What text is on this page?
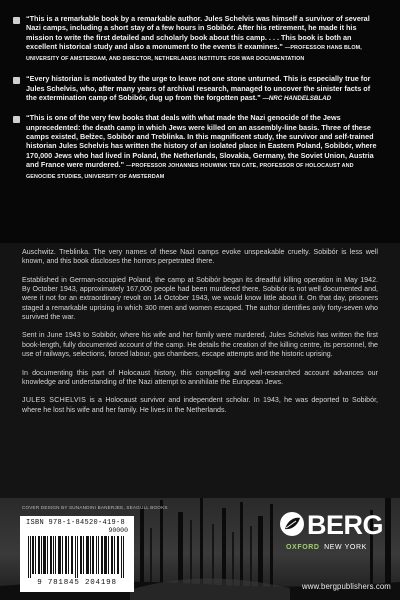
“This is a remarkable book by a remarkable author. Jules Schelvis was himself a survivor of several Nazi camps, including a short stay of a few hours in Sobibór. After his retirement, he made it his mission to write the first detailed and scholarly book about this camp. . . . This book is both an excellent historical study and also a monument to the events it examines." —PROFESSOR HANS BLOM, UNIVERSITY OF AMSTERDAM, AND DIRECTOR, NETHERLANDS INSTITUTE FOR WAR DOCUMENTATION
“Every historian is motivated by the urge to leave not one stone unturned. This is especially true for Jules Schelvis, who, after many years of archival research, managed to uncover the sinister facts of the extermination camp of Sobibór, dug up from the forgotten past." —NRC HANDELSBLAD
“This is one of the very few books that deals with what made the Nazi genocide of the Jews unprecedented: the death camp in which Jews were killed on an assembly-line basis. Three of these camps existed, Bełżec, Sobibór and Treblinka. In this magnificent study, the survivor and self-trained historian Jules Schelvis has written the history of an isolated place in Eastern Poland, Sobibór, where 170,000 Jews who had lived in Poland, the Netherlands, Slovakia, Germany, the Soviet Union, Austria and France were murdered." —PROFESSOR JOHANNES HOUWINK TEN CATE, PROFESSOR OF HOLOCAUST AND GENOCIDE STUDIES, UNIVERSITY OF AMSTERDAM

Auschwitz. Treblinka. The very names of these Nazi camps evoke unspeakable cruelty. Sobibór is less well known, and this book discloses the horrors perpetrated there.

Established in German-occupied Poland, the camp at Sobibór began its dreadful killing operation in May 1942. By October 1943, approximately 167,000 people had been murdered there. Sobibór is not well documented and, were it not for an extraordinary revolt on 14 October 1943, we would know little about it. On that day, prisoners staged a remarkable uprising in which 300 men and women escaped. The author identifies only forty-seven who survived the war.

Sent in June 1943 to Sobibór, where his wife and her family were murdered, Jules Schelvis has written the first book-length, fully documented account of the camp. He details the creation of the killing centre, its personnel, the use of railways, selections, forced labour, gas chambers, escape attempts and the historic uprising.

In documenting this part of Holocaust history, this compelling and well-researched account advances our knowledge and understanding of the Nazi attempt to annihilate the European Jews.

JULES SCHELVIS is a Holocaust survivor and independent scholar. In 1943, he was deported to Sobibór, where he lost his wife and her family. He lives in the Netherlands.

COVER DESIGN BY SUNANDINI BANERJEE, SEAGULL BOOKS
ISBN 978-1-84520-419-8
90000
9 781845 204198
BERG
OXFORD NEW YORK
www.bergpublishers.com
